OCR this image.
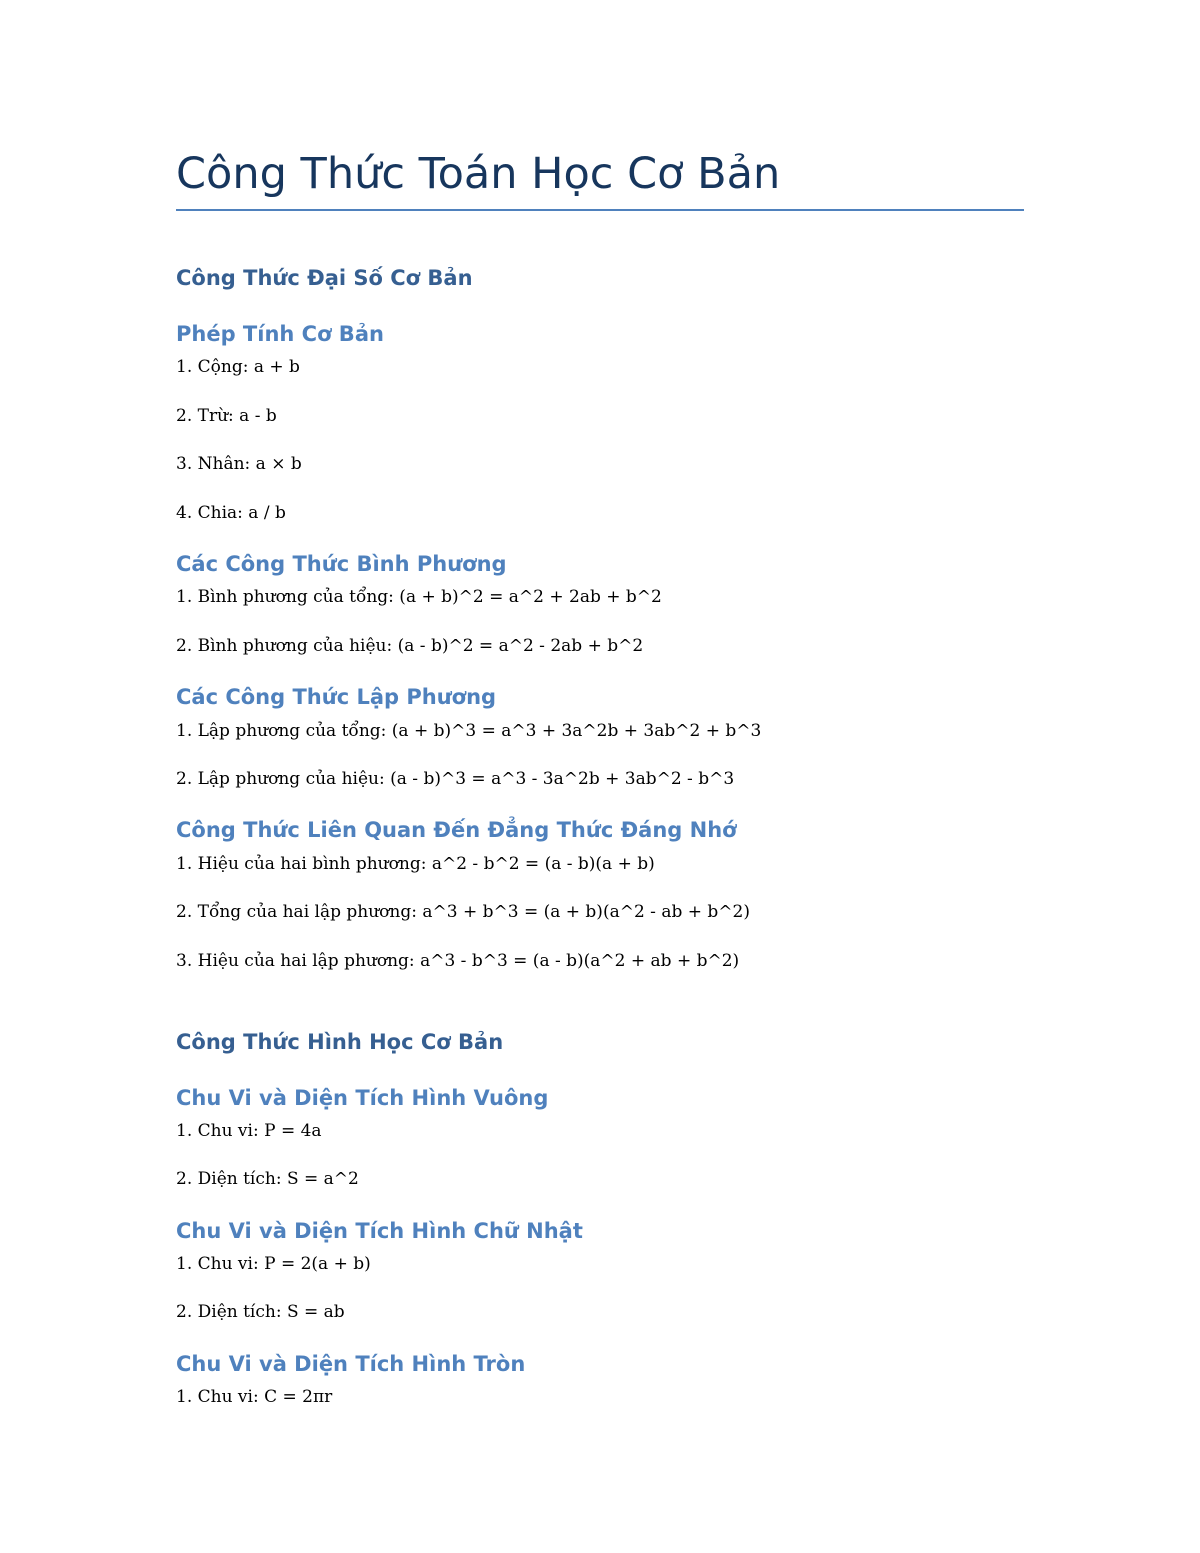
Công Thức Toán Học Cơ Bản
Công Thức Đại Số Cơ Bản
Phép Tính Cơ Bản

1. Cộng: a + b

2. Trừ: a - b

3. Nhân: a × b

4. Chia: a / b

Các Công Thức Bình Phương

1. Bình phương của tổng: (a + b)^2 = a^2 + 2ab + b^2

2. Bình phương của hiệu: (a - b)^2 = a^2 - 2ab + b^2

Các Công Thức Lập Phương

1. Lập phương của tổng: (a + b)^3 = a^3 + 3a^2b + 3ab^2 + b^3

2. Lập phương của hiệu: (a - b)^3 = a^3 - 3a^2b + 3ab^2 - b^3

Công Thức Liên Quan Đến Đẳng Thức Đáng Nhớ

1. Hiệu của hai bình phương: a^2 - b^2 = (a - b)(a + b)

2. Tổng của hai lập phương: a^3 + b^3 = (a + b)(a^2 - ab + b^2)

3. Hiệu của hai lập phương: a^3 - b^3 = (a - b)(a^2 + ab + b^2)

Công Thức Hình Học Cơ Bản
Chu Vi và Diện Tích Hình Vuông

1. Chu vi: P = 4a

2. Diện tích: S = a^2

Chu Vi và Diện Tích Hình Chữ Nhật

1. Chu vi: P = 2(a + b)

2. Diện tích: S = ab

Chu Vi và Diện Tích Hình Tròn

1. Chu vi: C = 2πr
